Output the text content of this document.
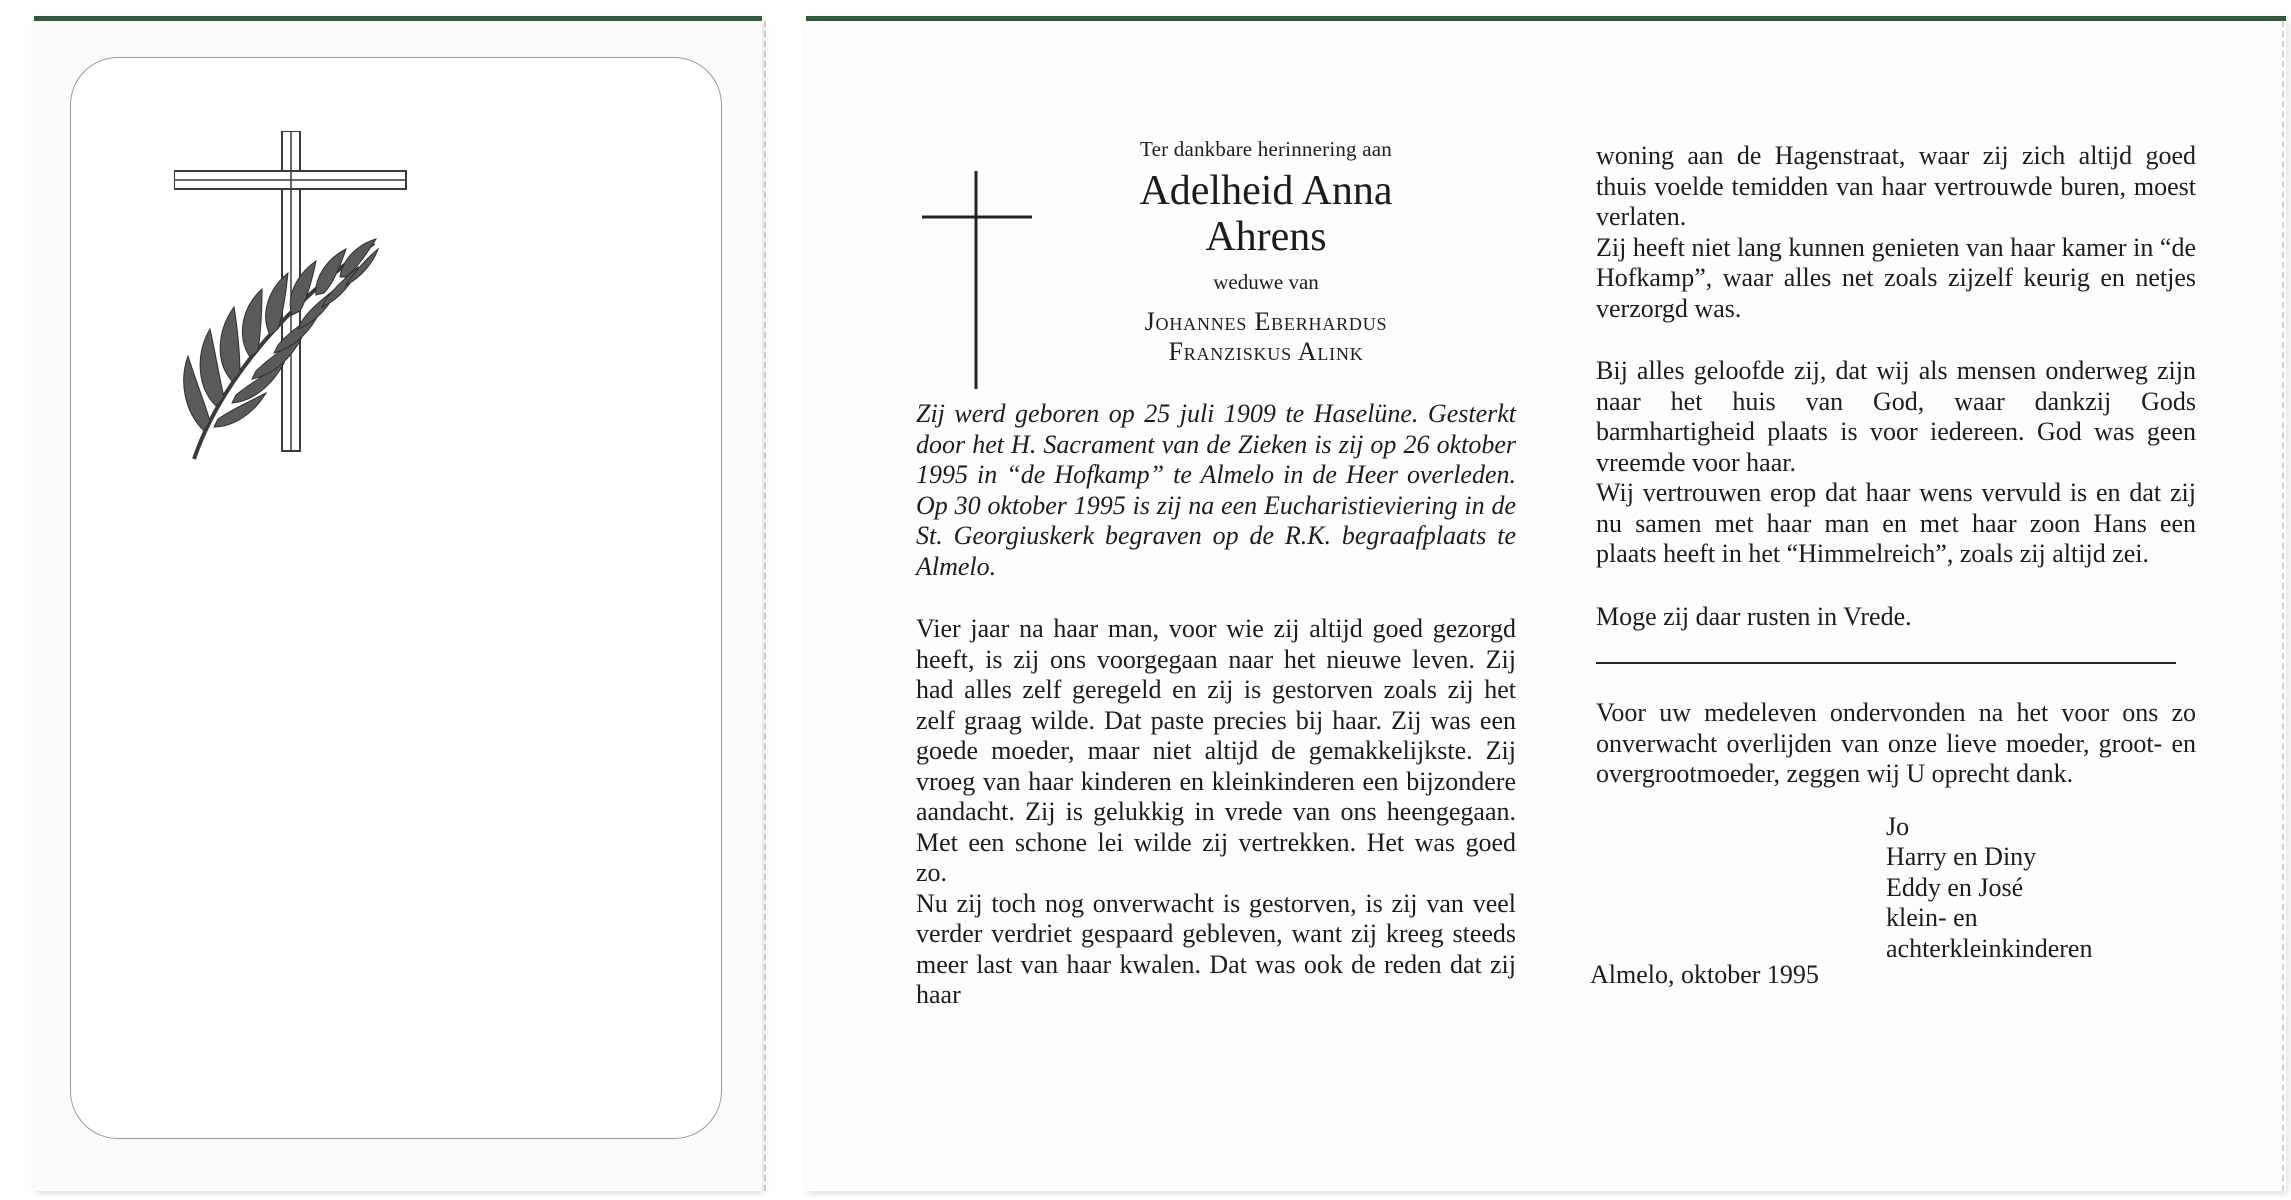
Ter dankbare herinnering aan
Adelheid Anna
Ahrens
weduwe van
Johannes Eberhardus
Franziskus Alink

Zij werd geboren op 25 juli 1909 te Haselüne. Gesterkt door het H. Sacrament van de Zieken is zij op 26 oktober 1995 in “de Hofkamp” te Almelo in de Heer overleden. Op 30 oktober 1995 is zij na een Eucharistieviering in de St. Georgiuskerk begraven op de R.K. begraafplaats te Almelo.

Vier jaar na haar man, voor wie zij altijd goed gezorgd heeft, is zij ons voorgegaan naar het nieuwe leven. Zij had alles zelf geregeld en zij is gestorven zoals zij het zelf graag wilde. Dat paste precies bij haar. Zij was een goede moeder, maar niet altijd de gemakkelijkste. Zij vroeg van haar kinderen en kleinkinderen een bijzondere aandacht. Zij is gelukkig in vrede van ons heengegaan. Met een schone lei wilde zij vertrekken. Het was goed zo.

Nu zij toch nog onverwacht is gestorven, is zij van veel verder verdriet gespaard gebleven, want zij kreeg steeds meer last van haar kwalen. Dat was ook de reden dat zij haar

woning aan de Hagenstraat, waar zij zich altijd goed thuis voelde temidden van haar vertrouwde buren, moest verlaten.

Zij heeft niet lang kunnen genieten van haar kamer in “de Hofkamp”, waar alles net zoals zijzelf keurig en netjes verzorgd was.

Bij alles geloofde zij, dat wij als mensen onderweg zijn naar het huis van God, waar dankzij Gods barmhartigheid plaats is voor iedereen. God was geen vreemde voor haar.

Wij vertrouwen erop dat haar wens vervuld is en dat zij nu samen met haar man en met haar zoon Hans een plaats heeft in het “Himmelreich”, zoals zij altijd zei.

Moge zij daar rusten in Vrede.

Voor uw medeleven ondervonden na het voor ons zo onverwacht overlijden van onze lieve moeder, groot- en overgrootmoeder, zeggen wij U oprecht dank.

Jo
Harry en Diny
Eddy en José
klein- en
achterkleinkinderen
Almelo, oktober 1995
